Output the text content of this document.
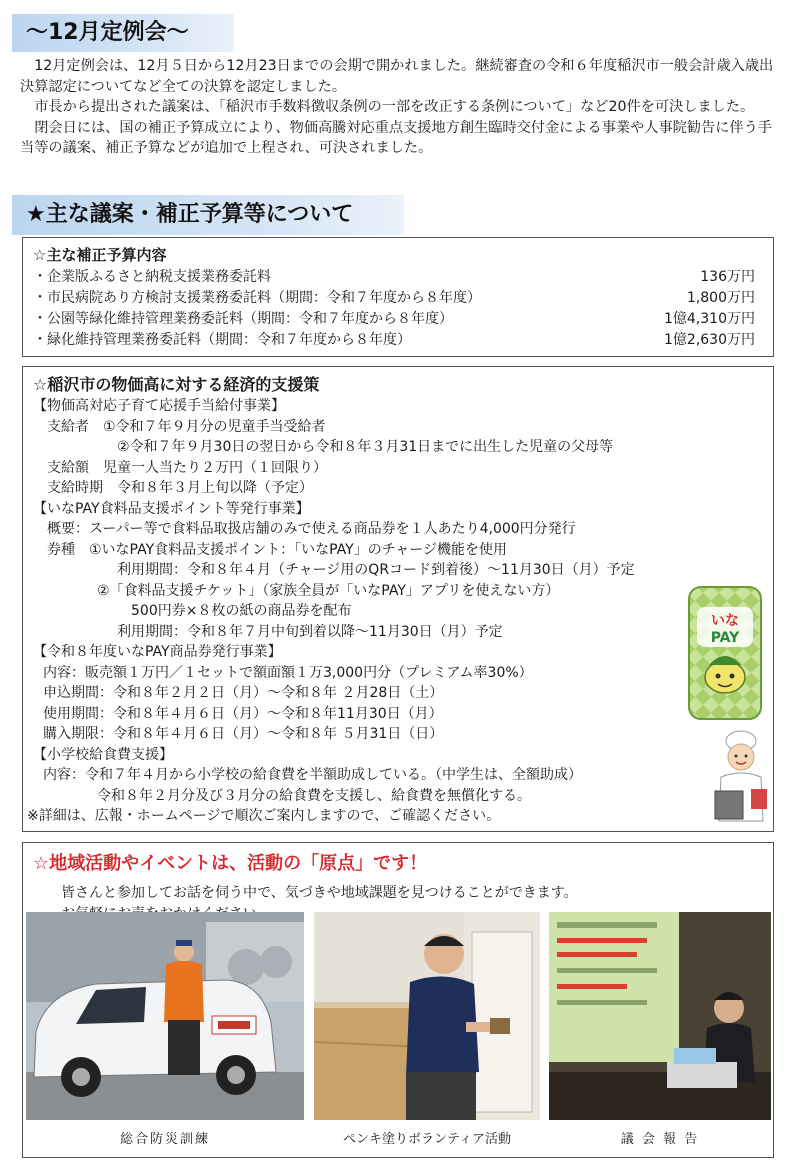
～12月定例会～

12月定例会は、12月５日から12月23日までの会期で開かれました。継続審査の令和６年度稲沢市一般会計歳入歳出決算認定についてなど全ての決算を認定しました。

市長から提出された議案は、「稲沢市手数料徴収条例の一部を改正する条例について」など20件を可決しました。

閉会日には、国の補正予算成立により、物価高騰対応重点支援地方創生臨時交付金による事業や人事院勧告に伴う手当等の議案、補正予算などが追加で上程され、可決されました。

★主な議案・補正予算等について
☆主な補正予算内容
・企業版ふるさと納税支援業務委託料	136万円
・市民病院あり方検討支援業務委託料（期間：令和７年度から８年度）	1,800万円
・公園等緑化維持管理業務委託料（期間：令和７年度から８年度）	1億4,310万円
・緑化維持管理業務委託料（期間：令和７年度から８年度）	1億2,630万円
☆稲沢市の物価高に対する経済的支援策
【物価高対応子育て応援手当給付事業】
支給者　①令和７年９月分の児童手当受給者
②令和７年９月30日の翌日から令和８年３月31日までに出生した児童の父母等
支給額　児童一人当たり２万円（１回限り）
支給時期　令和８年３月上旬以降（予定）
【いなPAY食料品支援ポイント等発行事業】
概要：スーパー等で食料品取扱店舗のみで使える商品券を１人あたり4,000円分発行
券種　①いなPAY食料品支援ポイント：「いなPAY」のチャージ機能を使用
利用期間：令和８年４月（チャージ用のQRコード到着後）～11月30日（月）予定
②「食料品支援チケット」（家族全員が「いなPAY」アプリを使えない方）
500円券×８枚の紙の商品券を配布
利用期間：令和８年７月中旬到着以降～11月30日（月）予定
【令和８年度いなPAY商品券発行事業】
内容：販売額１万円／１セットで額面額１万3,000円分（プレミアム率30%）
申込期間：令和８年２月２日（月）～令和８年 ２月28日（土）
使用期間：令和８年４月６日（月）～令和８年11月30日（月）
購入期限：令和８年４月６日（月）～令和８年 ５月31日（日）
【小学校給食費支援】
内容：令和７年４月から小学校の給食費を半額助成している。（中学生は、全額助成）
令和８年２月分及び３月分の給食費を支援し、給食費を無償化する。
※詳細は、広報・ホームページで順次ご案内しますので、ご確認ください。
いな
PAY
☆地域活動やイベントは、活動の「原点」です！
皆さんと参加してお話を伺う中で、気づきや地域課題を見つけることができます。
総合防災訓練	ペンキ塗りボランティア活動	議 会 報 告
